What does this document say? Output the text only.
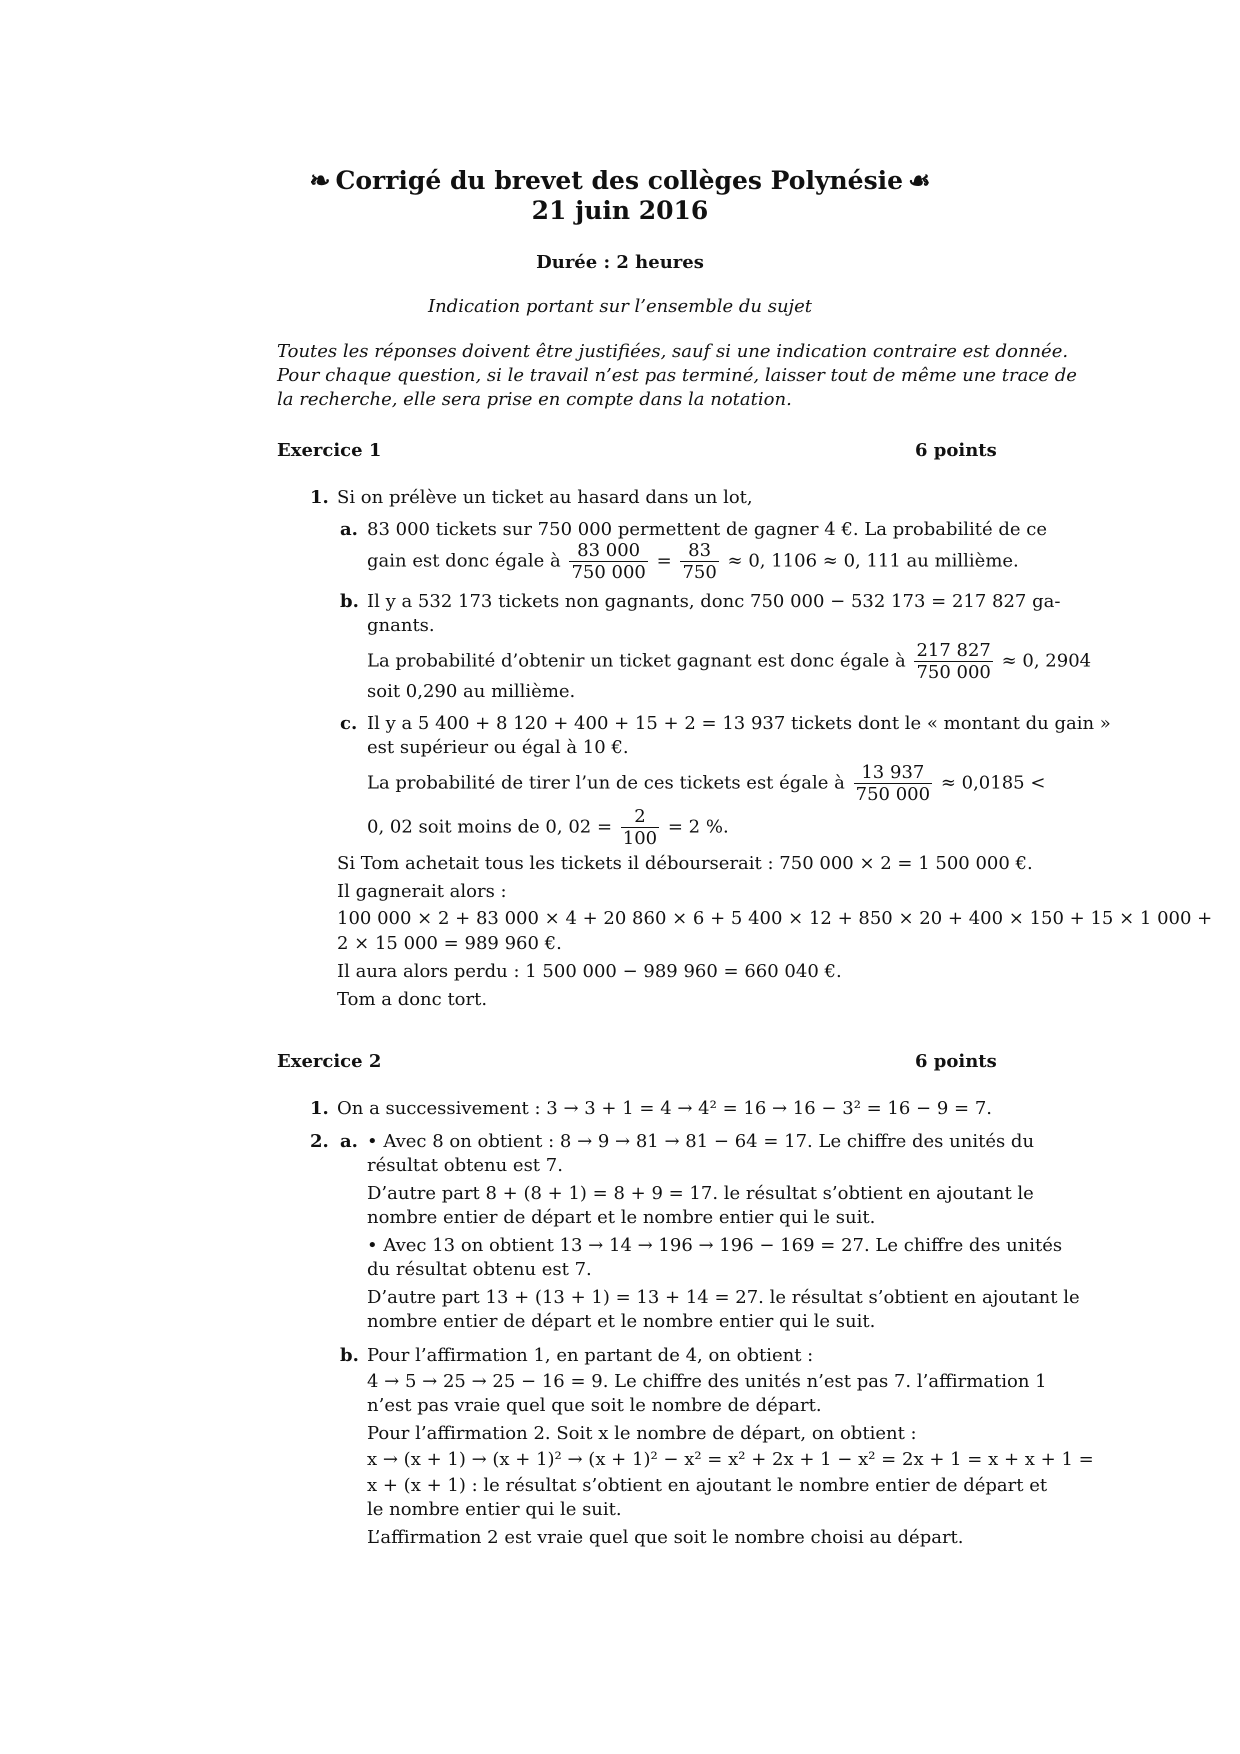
❧ Corrigé du brevet des collèges Polynésie ☙
21 juin 2016
Durée : 2 heures
Indication portant sur l’ensemble du sujet
Toutes les réponses doivent être justifiées, sauf si une indication contraire est donnée.
Pour chaque question, si le travail n’est pas terminé, laisser tout de même une trace de
la recherche, elle sera prise en compte dans la notation.
Exercice 1	6 points
1. Si on prélève un ticket au hasard dans un lot,
a. 83 000 tickets sur 750 000 permettent de gagner 4 €. La probabilité de ce
gain est donc égale à $\frac{83 000}{750 000} = \frac{83}{750} \approx 0$, 1106 ≈ 0, 111 au millième.
b. Il y a 532 173 tickets non gagnants, donc 750 000 − 532 173 = 217 827 ga-
gnants.
La probabilité d’obtenir un ticket gagnant est donc égale à $\frac{217 827}{750 000} \approx 0$, 2904
soit 0,290 au millième.
c. Il y a 5 400 + 8 120 + 400 + 15 + 2 = 13 937 tickets dont le « montant du gain »
est supérieur ou égal à 10 €.
La probabilité de tirer l’un de ces tickets est égale à $\frac{13 937}{750 000} \approx 0,0185$ <
0, 02 soit moins de 0, $02 = \frac{2}{100} = 2$ %.
Si Tom achetait tous les tickets il débourserait : 750 000 × 2 = 1 500 000 €.
Il gagnerait alors :
100 000 × 2 + 83 000 × 4 + 20 860 × 6 + 5 400 × 12 + 850 × 20 + 400 × 150 + 15 × 1 000 +
2 × 15 000 = 989 960 €.
Il aura alors perdu : 1 500 000 − 989 960 = 660 040 €.
Tom a donc tort.
Exercice 2	6 points
1. On a successivement : 3 → 3 + 1 = 4 → 4² = 16 → 16 − 3² = 16 − 9 = 7.
2. a. • Avec 8 on obtient : 8 → 9 → 81 → 81 − 64 = 17. Le chiffre des unités du
résultat obtenu est 7.
D’autre part 8 + (8 + 1) = 8 + 9 = 17. le résultat s’obtient en ajoutant le
nombre entier de départ et le nombre entier qui le suit.
• Avec 13 on obtient 13 → 14 → 196 → 196 − 169 = 27. Le chiffre des unités
du résultat obtenu est 7.
D’autre part 13 + (13 + 1) = 13 + 14 = 27. le résultat s’obtient en ajoutant le
nombre entier de départ et le nombre entier qui le suit.
b. Pour l’affirmation 1, en partant de 4, on obtient :
4 → 5 → 25 → 25 − 16 = 9. Le chiffre des unités n’est pas 7. l’affirmation 1
n’est pas vraie quel que soit le nombre de départ.
Pour l’affirmation 2. Soit x le nombre de départ, on obtient :
x → (x + 1) → (x + 1)² → (x + 1)² − x² = x² + 2x + 1 − x² = 2x + 1 = x + x + 1 =
x + (x + 1) : le résultat s’obtient en ajoutant le nombre entier de départ et
le nombre entier qui le suit.
L’affirmation 2 est vraie quel que soit le nombre choisi au départ.
